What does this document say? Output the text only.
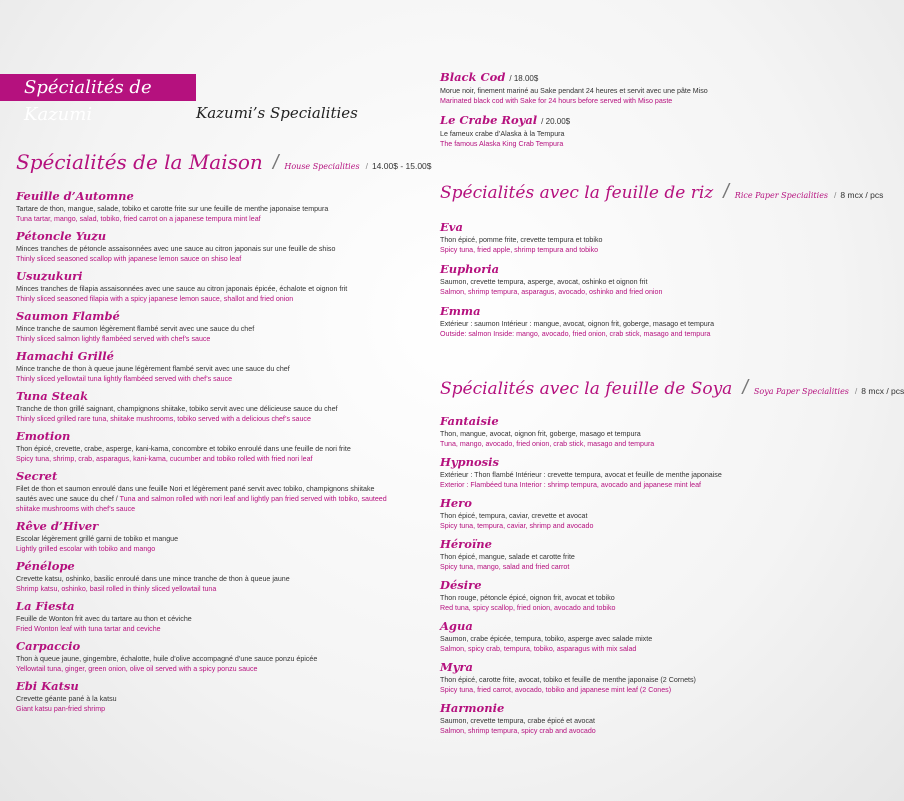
Spécialités de Kazumi	Kazumi’s Specialities
Spécialités de la Maison / House Specialities	/ 14.00$ - 15.00$
Feuille d’Automne
Tartare de thon, mangue, salade, tobiko et carotte frite sur une feuille de menthe japonaise tempura
Tuna tartar, mango, salad, tobiko, fried carrot on a japanese tempura mint leaf
Pétoncle Yuzu
Minces tranches de pétoncle assaisonnées avec une sauce au citron japonais sur une feuille de shiso
Thinly sliced seasoned scallop with japanese lemon sauce on shiso leaf
Usuzukuri
Minces tranches de filapia assaisonnées avec une sauce au citron japonais épicée, échalote et oignon frit
Thinly sliced seasoned filapia with a spicy japanese lemon sauce, shallot and fried onion
Saumon Flambé
Mince tranche de saumon légèrement flambé servit avec une sauce du chef
Thinly sliced salmon lightly flambéed served with chef’s sauce
Hamachi Grillé
Mince tranche de thon à queue jaune légèrement flambé servit avec une sauce du chef
Thinly sliced yellowtail tuna lightly flambéed served with chef’s sauce
Tuna Steak
Tranche de thon grillé saignant, champignons shiitake, tobiko servit avec une délicieuse sauce du chef
Thinly sliced grilled rare tuna, shiitake mushrooms, tobiko served with a delicious chef’s sauce
Emotion
Thon épicé, crevette, crabe, asperge, kani-kama, concombre et tobiko enroulé dans une feuille de nori frite
Spicy tuna, shrimp, crab, asparagus, kani-kama, cucumber and tobiko rolled with fried nori leaf
Secret
Filet de thon et saumon enroulé dans une feuille Nori et légèrement pané servit avec tobiko, champignons shiitake
sautés avec une sauce du chef / Tuna and salmon rolled with nori leaf and lightly pan fried served with tobiko, sauteed
shiitake mushrooms with chef’s sauce
Rêve d’Hiver
Escolar légèrement grillé garni de tobiko et mangue
Lightly grilled escolar with tobiko and mango
Pénélope
Crevette katsu, oshinko, basilic enroulé dans une mince tranche de thon à queue jaune
Shrimp katsu, oshinko, basil rolled in thinly sliced yellowtail tuna
La Fiesta
Feuille de Wonton frit avec du tartare au thon et céviche
Fried Wonton leaf with tuna tartar and ceviche
Carpaccio
Thon à queue jaune, gingembre, échalotte, huile d’olive accompagné d’une sauce ponzu épicée
Yellowtail tuna, ginger, green onion, olive oil served with a spicy ponzu sauce
Ebi Katsu
Crevette géante pané à la katsu
Giant katsu pan-fried shrimp
Black Cod / 18.00$
Morue noir, finement mariné au Sake pendant 24 heures et servit avec une pâte Miso
Marinated black cod with Sake for 24 hours before served with Miso paste
Le Crabe Royal / 20.00$
Le fameux crabe d’Alaska à la Tempura
The famous Alaska King Crab Tempura
Spécialités avec la feuille de riz / Rice Paper Specialities	/ 8 mcx / pcs
Eva
Thon épicé, pomme frite, crevette tempura et tobiko
Spicy tuna, fried apple, shrimp tempura and tobiko
Euphoria
Saumon, crevette tempura, asperge, avocat, oshinko et oignon frit
Salmon, shrimp tempura, asparagus, avocado, oshinko and fried onion
Emma
Extérieur : saumon Intérieur : mangue, avocat, oignon frit, goberge, masago et tempura
Outside: salmon Inside: mango, avocado, fried onion, crab stick, masago and tempura
Spécialités avec la feuille de Soya / Soya Paper Specialities	/ 8 mcx / pcs
Fantaisie
Thon, mangue, avocat, oignon frit, goberge, masago et tempura
Tuna, mango, avocado, fried onion, crab stick, masago and tempura
Hypnosis
Extérieur : Thon flambé Intérieur : crevette tempura, avocat et feuille de menthe japonaise
Exterior : Flambéed tuna Interior : shrimp tempura, avocado and japanese mint leaf
Hero
Thon épicé, tempura, caviar, crevette et avocat
Spicy tuna, tempura, caviar, shrimp and avocado
Héroïne
Thon épicé, mangue, salade et carotte frite
Spicy tuna, mango, salad and fried carrot
Désire
Thon rouge, pétoncle épicé, oignon frit, avocat et tobiko
Red tuna, spicy scallop, fried onion, avocado and tobiko
Agua
Saumon, crabe épicée, tempura, tobiko, asperge avec salade mixte
Salmon, spicy crab, tempura, tobiko, asparagus with mix salad
Myra
Thon épicé, carotte frite, avocat, tobiko et feuille de menthe japonaise (2 Cornets)
Spicy tuna, fried carrot, avocado, tobiko and japanese mint leaf (2 Cones)
Harmonie
Saumon, crevette tempura, crabe épicé et avocat
Salmon, shrimp tempura, spicy crab and avocado
